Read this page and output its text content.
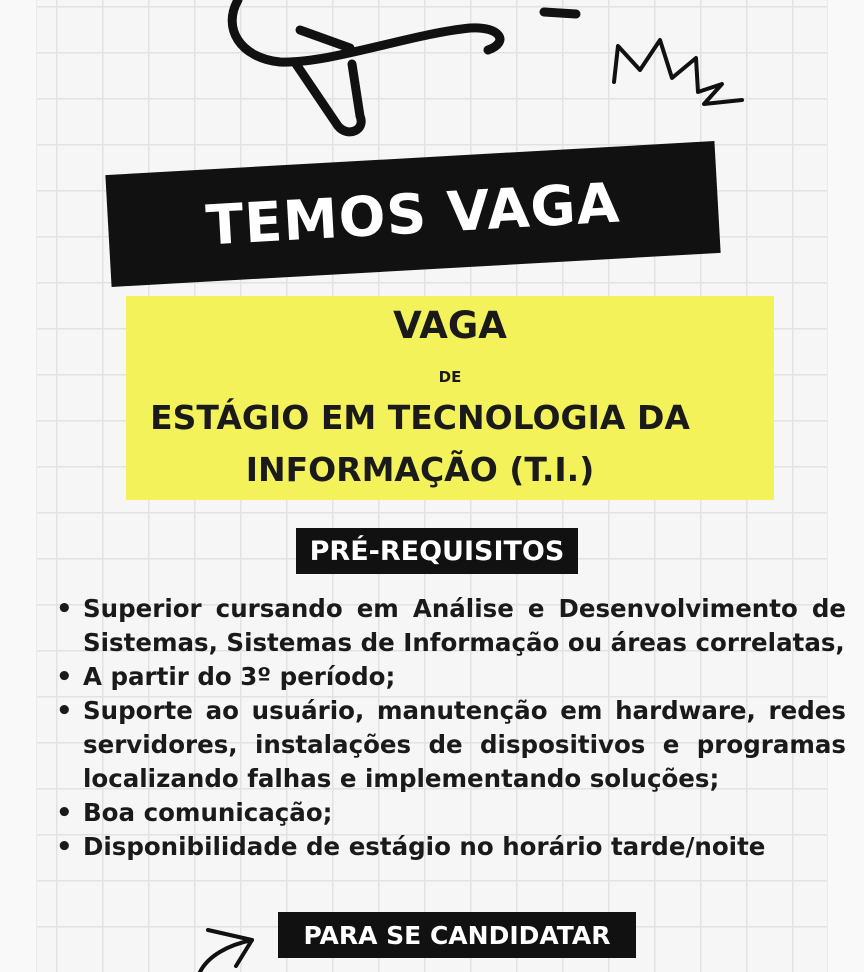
TEMOS VAGA
VAGA
DE
ESTÁGIO EM TECNOLOGIA DA
INFORMAÇÃO (T.I.)
PRÉ-REQUISITOS
• Superior cursando em Análise e Desenvolvimento de Sistemas, Sistemas de Informação ou áreas correlatas,
• A partir do 3º período;
• Suporte ao usuário, manutenção em hardware, redes servidores, instalações de dispositivos e programas localizando falhas e implementando soluções;
• Boa comunicação;
• Disponibilidade de estágio no horário tarde/noite
PARA SE CANDIDATAR
